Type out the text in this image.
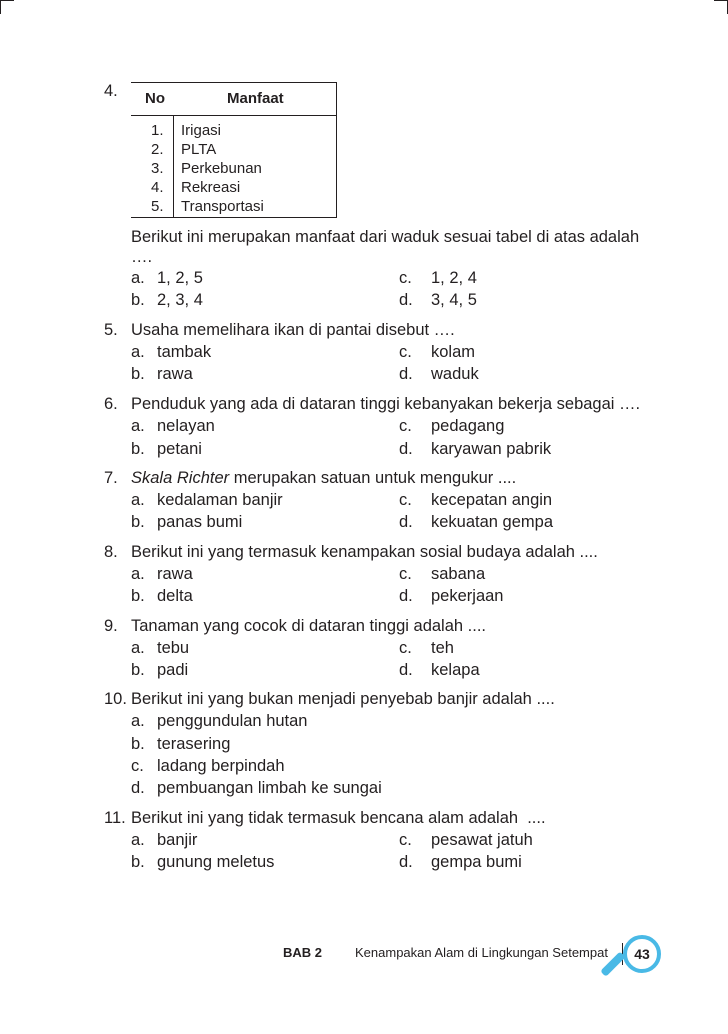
4. No	Manfaat
1. Irigasi
2. PLTA
3. Perkebunan
4. Rekreasi
5. Transportasi
Berikut ini merupakan manfaat dari waduk sesuai tabel di atas adalah
….
a. 1, 2, 5	c. 1, 2, 4
b. 2, 3, 4	d. 3, 4, 5
5. Usaha memelihara ikan di pantai disebut ….
a. tambak	c. kolam
b. rawa	d. waduk
6. Penduduk yang ada di dataran tinggi kebanyakan bekerja sebagai ….
a. nelayan	c. pedagang
b. petani	d. karyawan pabrik
7. Skala Richter merupakan satuan untuk mengukur ....
a. kedalaman banjir	c. kecepatan angin
b. panas bumi	d. kekuatan gempa
8. Berikut ini yang termasuk kenampakan sosial budaya adalah ....
a. rawa	c. sabana
b. delta	d. pekerjaan
9. Tanaman yang cocok di dataran tinggi adalah ....
a. tebu	c. teh
b. padi	d. kelapa
10. Berikut ini yang bukan menjadi penyebab banjir adalah ....
a. penggundulan hutan
b. terasering
c. ladang berpindah
d. pembuangan limbah ke sungai
11. Berikut ini yang tidak termasuk bencana alam adalah  ....
a. banjir	c. pesawat jatuh
b. gunung meletus	d. gempa bumi
BAB 2	Kenampakan Alam di Lingkungan Setempat	43
